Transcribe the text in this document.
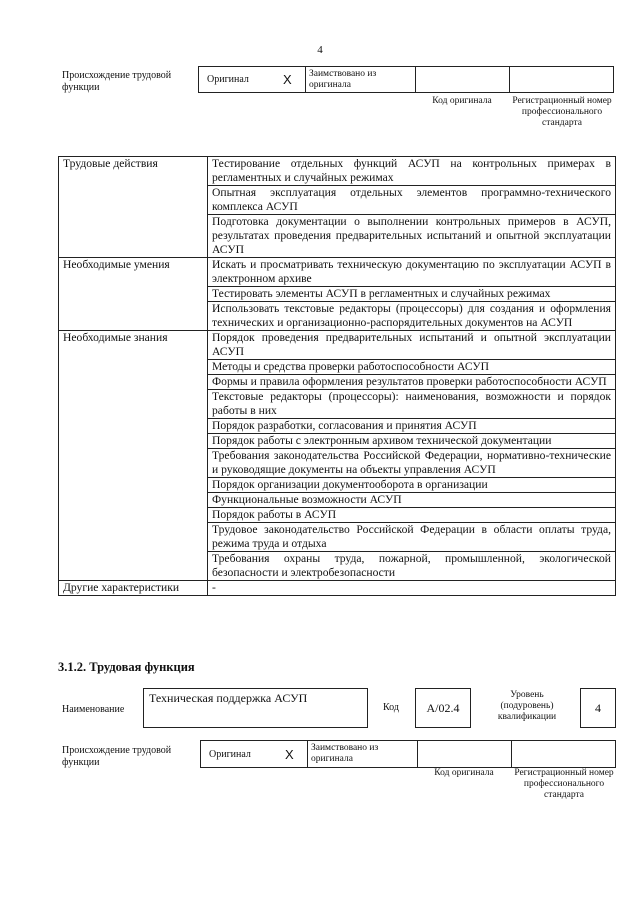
4
Происхождение трудовой функции
Оригинал	X Заимствовано из оригинала
Код оригинала	Регистрационный номер профессионального стандарта
Трудовые действия	Тестирование отдельных функций АСУП на контрольных примерах в регламентных и случайных режимах
	Опытная эксплуатация отдельных элементов программно-технического комплекса АСУП
	Подготовка документации о выполнении контрольных примеров в АСУП, результатах проведения предварительных испытаний и опытной эксплуатации АСУП
Необходимые умения	Искать и просматривать техническую документацию по эксплуатации АСУП в электронном архиве
	Тестировать элементы АСУП в регламентных и случайных режимах
	Использовать текстовые редакторы (процессоры) для создания и оформления технических и организационно-распорядительных документов на АСУП
Необходимые знания	Порядок проведения предварительных испытаний и опытной эксплуатации АСУП
	Методы и средства проверки работоспособности АСУП
	Формы и правила оформления результатов проверки работоспособности АСУП
	Текстовые редакторы (процессоры): наименования, возможности и порядок работы в них
	Порядок разработки, согласования и принятия АСУП
	Порядок работы с электронным архивом технической документации
	Требования законодательства Российской Федерации, нормативно-технические и руководящие документы на объекты управления АСУП
	Порядок организации документооборота в организации
	Функциональные возможности АСУП
	Порядок работы в АСУП
	Трудовое законодательство Российской Федерации в области оплаты труда, режима труда и отдыха
	Требования охраны труда, пожарной, промышленной, экологической безопасности и электробезопасности
Другие характеристики	-
3.1.2. Трудовая функция
Наименование
Техническая поддержка АСУП
Код	A/02.4
Уровень (подуровень) квалификации
4
Происхождение трудовой функции
Оригинал	X Заимствовано из оригинала
Код оригинала	Регистрационный номер профессионального стандарта
